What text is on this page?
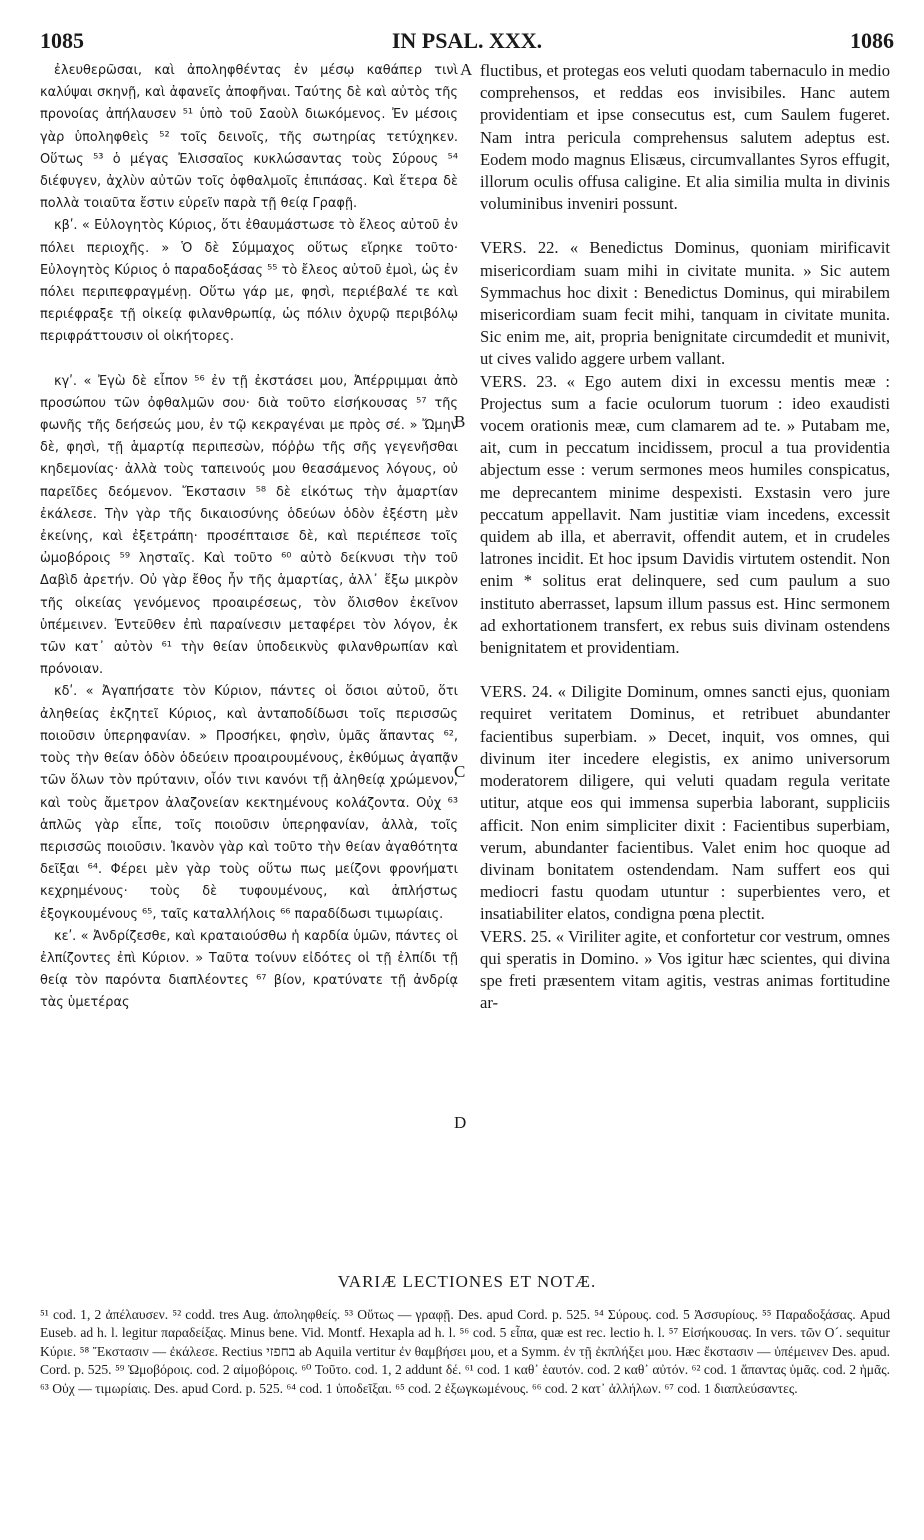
1085	IN PSAL. XXX.	1086

ἐλευθερῶσαι, καὶ ἀποληφθέντας ἐν μέσῳ καθάπερ τινὶ καλύψαι σκηνῇ, καὶ ἀφανεῖς ἀποφῆναι. Ταύτης δὲ καὶ αὐτὸς τῆς προνοίας ἀπήλαυσεν ⁵¹ ὑπὸ τοῦ Σαοὺλ διωκόμενος. Ἐν μέσοις γὰρ ὑποληφθεὶς ⁵² τοῖς δεινοῖς, τῆς σωτηρίας τετύχηκεν. Οὕτως ⁵³ ὁ μέγας Ἐλισσαῖος κυκλώσαντας τοὺς Σύρους ⁵⁴ διέφυγεν, ἀχλὺν αὐτῶν τοῖς ὀφθαλμοῖς ἐπιπάσας. Καὶ ἕτερα δὲ πολλὰ τοιαῦτα ἔστιν εὑρεῖν παρὰ τῇ θείᾳ Γραφῇ.

κβʹ. « Εὐλογητὸς Κύριος, ὅτι ἐθαυμάστωσε τὸ ἔλεος αὐτοῦ ἐν πόλει περιοχῆς. » Ὁ δὲ Σύμμαχος οὕτως εἴρηκε τοῦτο· Εὐλογητὸς Κύριος ὁ παραδοξάσας ⁵⁵ τὸ ἔλεος αὐτοῦ ἐμοὶ, ὡς ἐν πόλει περιπεφραγμένῃ. Οὕτω γάρ με, φησὶ, περιέβαλέ τε καὶ περιέφραξε τῇ οἰκείᾳ φιλανθρωπίᾳ, ὡς πόλιν ὀχυρῷ περιβόλῳ περιφράττουσιν οἱ οἰκήτορες.

κγʹ. « Ἐγὼ δὲ εἶπον ⁵⁶ ἐν τῇ ἐκστάσει μου, Ἀπέρριμμαι ἀπὸ προσώπου τῶν ὀφθαλμῶν σου· διὰ τοῦτο εἰσήκουσας ⁵⁷ τῆς φωνῆς τῆς δεήσεώς μου, ἐν τῷ κεκραγέναι με πρὸς σέ. » Ὤμην δὲ, φησὶ, τῇ ἁμαρτίᾳ περιπεσὼν, πόῤῥω τῆς σῆς γεγενῆσθαι κηδεμονίας· ἀλλὰ τοὺς ταπεινούς μου θεασάμενος λόγους, οὐ παρεῖδες δεόμενον. Ἔκστασιν ⁵⁸ δὲ εἰκότως τὴν ἁμαρτίαν ἐκάλεσε. Τὴν γὰρ τῆς δικαιοσύνης ὁδεύων ὁδὸν ἐξέστη μὲν ἐκείνης, καὶ ἐξετράπη· προσέπταισε δὲ, καὶ περιέπεσε τοῖς ὠμοβόροις ⁵⁹ λησταῖς. Καὶ τοῦτο ⁶⁰ αὐτὸ δείκνυσι τὴν τοῦ Δαβὶδ ἀρετήν. Οὐ γὰρ ἔθος ἦν τῆς ἁμαρτίας, ἀλλ᾽ ἔξω μικρὸν τῆς οἰκείας γενόμενος προαιρέσεως, τὸν ὄλισθον ἐκεῖνον ὑπέμεινεν. Ἐντεῦθεν ἐπὶ παραίνεσιν μεταφέρει τὸν λόγον, ἐκ τῶν κατ᾽ αὐτὸν ⁶¹ τὴν θείαν ὑποδεικνὺς φιλανθρωπίαν καὶ πρόνοιαν.

κδʹ. « Ἀγαπήσατε τὸν Κύριον, πάντες οἱ ὅσιοι αὐτοῦ, ὅτι ἀληθείας ἐκζητεῖ Κύριος, καὶ ἀνταποδίδωσι τοῖς περισσῶς ποιοῦσιν ὑπερηφανίαν. » Προσήκει, φησὶν, ὑμᾶς ἅπαντας ⁶², τοὺς τὴν θείαν ὁδὸν ὁδεύειν προαιρουμένους, ἐκθύμως ἀγαπᾷν τῶν ὅλων τὸν πρύτανιν, οἷόν τινι κανόνι τῇ ἀληθείᾳ χρώμενον, καὶ τοὺς ἄμετρον ἀλαζονείαν κεκτημένους κολάζοντα. Οὐχ ⁶³ ἁπλῶς γὰρ εἶπε, τοῖς ποιοῦσιν ὑπερηφανίαν, ἀλλὰ, τοῖς περισσῶς ποιοῦσιν. Ἱκανὸν γὰρ καὶ τοῦτο τὴν θείαν ἀγαθότητα δεῖξαι ⁶⁴. Φέρει μὲν γὰρ τοὺς οὕτω πως μείζονι φρονήματι κεχρημένους· τοὺς δὲ τυφουμένους, καὶ ἀπλήστως ἐξογκουμένους ⁶⁵, ταῖς καταλλήλοις ⁶⁶ παραδίδωσι τιμωρίαις.

κεʹ. « Ἀνδρίζεσθε, καὶ κραταιούσθω ἡ καρδία ὑμῶν, πάντες οἱ ἐλπίζοντες ἐπὶ Κύριον. » Ταῦτα τοίνυν εἰδότες οἱ τῇ ἐλπίδι τῇ θείᾳ τὸν παρόντα διαπλέοντες ⁶⁷ βίον, κρατύνατε τῇ ἀνδρίᾳ τὰς ὑμετέρας

A
B
C
D

fluctibus, et protegas eos veluti quodam tabernaculo in medio comprehensos, et reddas eos invisibiles. Hanc autem providentiam et ipse consecutus est, cum Saulem fugeret. Nam intra pericula comprehensus salutem adeptus est. Eodem modo magnus Elisæus, circumvallantes Syros effugit, illorum oculis offusa caligine. Et alia similia multa in divinis voluminibus inveniri possunt.

VERS. 22. « Benedictus Dominus, quoniam mirificavit misericordiam suam mihi in civitate munita. » Sic autem Symmachus hoc dixit : Benedictus Dominus, qui mirabilem misericordiam suam fecit mihi, tanquam in civitate munita. Sic enim me, ait, propria benignitate circumdedit et munivit, ut cives valido aggere urbem vallant.

VERS. 23. « Ego autem dixi in excessu mentis meæ : Projectus sum a facie oculorum tuorum : ideo exaudisti vocem orationis meæ, cum clamarem ad te. » Putabam me, ait, cum in peccatum incidissem, procul a tua providentia abjectum esse : verum sermones meos humiles conspicatus, me deprecantem minime despexisti. Exstasin vero jure peccatum appellavit. Nam justitiæ viam incedens, excessit quidem ab illa, et aberravit, offendit autem, et in crudeles latrones incidit. Et hoc ipsum Davidis virtutem ostendit. Non enim * solitus erat delinquere, sed cum paulum a suo instituto aberrasset, lapsum illum passus est. Hinc sermonem ad exhortationem transfert, ex rebus suis divinam ostendens benignitatem et providentiam.

VERS. 24. « Diligite Dominum, omnes sancti ejus, quoniam requiret veritatem Dominus, et retribuet abundanter facientibus superbiam. » Decet, inquit, vos omnes, qui divinum iter incedere elegistis, ex animo universorum moderatorem diligere, qui veluti quadam regula veritate utitur, atque eos qui immensa superbia laborant, suppliciis afficit. Non enim simpliciter dixit : Facientibus superbiam, verum, abundanter facientibus. Valet enim hoc quoque ad divinam bonitatem ostendendam. Nam suffert eos qui mediocri fastu quodam utuntur : superbientes vero, et insatiabiliter elatos, condigna pœna plectit.

VERS. 25. « Viriliter agite, et confortetur cor vestrum, omnes qui speratis in Domino. » Vos igitur hæc scientes, qui divina spe freti præsentem vitam agitis, vestras animas fortitudine ar-

VARIÆ LECTIONES ET NOTÆ.
⁵¹ cod. 1, 2 ἀπέλαυσεν. ⁵² codd. tres Aug. ἀποληφθείς. ⁵³ Οὕτως — γραφῇ. Des. apud Cord. p. 525. ⁵⁴ Σύρους. cod. 5 Ἀσσυρίους. ⁵⁵ Παραδοξάσας. Apud Euseb. ad h. l. legitur παραδείξας. Minus bene. Vid. Montf. Hexapla ad h. l. ⁵⁶ cod. 5 εἶπα, quæ est rec. lectio h. l. ⁵⁷ Εἰσήκουσας. In vers. τῶν Ο´. sequitur Κύριε. ⁵⁸ Ἔκστασιν — ἐκάλεσε. Rectius בחפזי ab Aquila vertitur ἐν θαμβήσει μου, et a Symm. ἐν τῇ ἐκπλήξει μου. Hæc ἔκστασιν — ὑπέμεινεν Des. apud. Cord. p. 525. ⁵⁹ Ὠμοβόροις. cod. 2 αἱμοβόροις. ⁶⁰ Τοῦτο. cod. 1, 2 addunt δέ. ⁶¹ cod. 1 καθ᾽ ἑαυτόν. cod. 2 καθ᾽ αὐτόν. ⁶² cod. 1 ἅπαντας ὑμᾶς. cod. 2 ἡμᾶς. ⁶³ Οὐχ — τιμωρίαις. Des. apud Cord. p. 525. ⁶⁴ cod. 1 ὑποδεῖξαι. ⁶⁵ cod. 2 ἐξωγκωμένους. ⁶⁶ cod. 2 κατ᾽ ἀλλήλων. ⁶⁷ cod. 1 διαπλεύσαντες.
